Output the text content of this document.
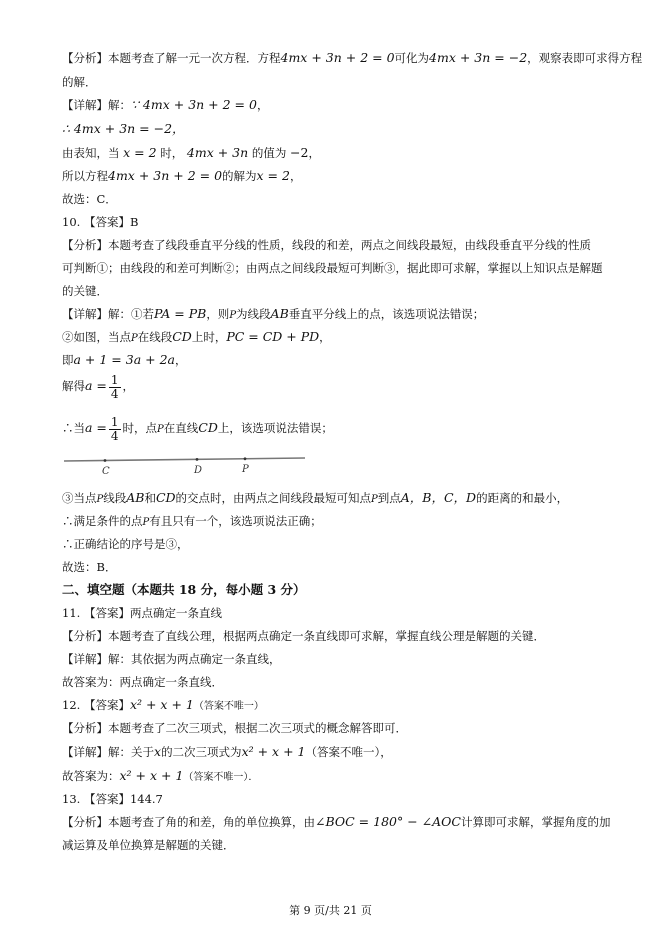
【分析】本题考查了解一元一次方程．方程4mx + 3n + 2 = 0可化为4mx + 3n = −2，观察表即可求得方程
的解．
【详解】解：∵ 4mx + 3n + 2 = 0，
∴ 4mx + 3n = −2，
由表知，当 x = 2 时， 4mx + 3n 的值为 −2，
所以方程4mx + 3n + 2 = 0的解为x = 2，
故选：C．
10. 【答案】B
【分析】本题考查了线段垂直平分线的性质，线段的和差，两点之间线段最短，由线段垂直平分线的性质
可判断①；由线段的和差可判断②；由两点之间线段最短可判断③，据此即可求解，掌握以上知识点是解题
的关键．
【详解】解：①若PA = PB，则P为线段AB垂直平分线上的点，该选项说法错误；
②如图，当点P在线段CD上时，PC = CD + PD，
即a + 1 = 3a + 2a，
解得$a = \frac{1}{4}$ ，
∴当$a = \frac{1}{4}$ 时，点P在直线CD上，该选项说法错误；
C	D	P
③当点P线段AB和CD的交点时，由两点之间线段最短可知点P到点A，B，C，D的距离的和最小，
∴满足条件的点P有且只有一个，该选项说法正确；
∴正确结论的序号是③，
故选：B．
二、填空题（本题共 18 分，每小题 3 分）
11. 【答案】两点确定一条直线
【分析】本题考查了直线公理，根据两点确定一条直线即可求解，掌握直线公理是解题的关键．
【详解】解：其依据为两点确定一条直线，
故答案为：两点确定一条直线．
12. 【答案】x² + x + 1（答案不唯一）
【分析】本题考查了二次三项式，根据二次三项式的概念解答即可．
【详解】解：关于x的二次三项式为x² + x + 1（答案不唯一），
故答案为：x² + x + 1（答案不唯一）．
13. 【答案】144.7
【分析】本题考查了角的和差，角的单位换算，由∠BOC = 180° − ∠AOC计算即可求解，掌握角度的加
减运算及单位换算是解题的关键．
第 9 页/共 21 页
